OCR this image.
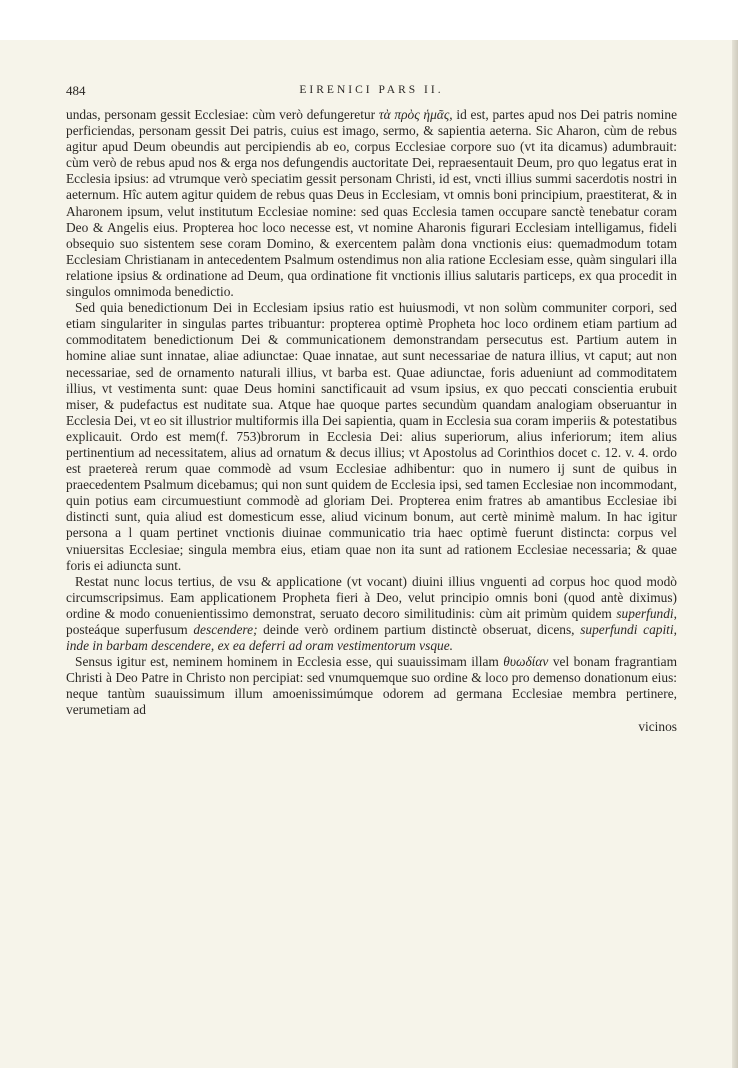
484	EIRENICI PARS II.

undas, personam gessit Ecclesiae: cùm verò defungeretur τὰ πρὸς ἡμᾶς, id est, partes apud nos Dei patris nomine perficiendas, personam gessit Dei patris, cuius est imago, sermo, & sapientia aeterna. Sic Aharon, cùm de rebus agitur apud Deum obeundis aut percipiendis ab eo, corpus Ecclesiae corpore suo (vt ita dicamus) adumbrauit: cùm verò de rebus apud nos & erga nos defungendis auctoritate Dei, repraesentauit Deum, pro quo legatus erat in Ecclesia ipsius: ad vtrumque verò speciatim gessit personam Christi, id est, vncti illius summi sacerdotis nostri in aeternum. Hîc autem agitur quidem de rebus quas Deus in Ecclesiam, vt omnis boni principium, praestiterat, & in Aharonem ipsum, velut institutum Ecclesiae nomine: sed quas Ecclesia tamen occupare sanctè tenebatur coram Deo & Angelis eius. Propterea hoc loco necesse est, vt nomine Aharonis figurari Ecclesiam intelligamus, fideli obsequio suo sistentem sese coram Domino, & exercentem palàm dona vnctionis eius: quemadmodum totam Ecclesiam Christianam in antecedentem Psalmum ostendimus non alia ratione Ecclesiam esse, quàm singulari illa relatione ipsius & ordinatione ad Deum, qua ordinatione fit vnctionis illius salutaris particeps, ex qua procedit in singulos omnimoda benedictio.

Sed quia benedictionum Dei in Ecclesiam ipsius ratio est huiusmodi, vt non solùm communiter corpori, sed etiam singulariter in singulas partes tribuantur: propterea optimè Propheta hoc loco ordinem etiam partium ad commoditatem benedictionum Dei & communicationem demonstrandam persecutus est. Partium autem in homine aliae sunt innatae, aliae adiunctae: Quae innatae, aut sunt necessariae de natura illius, vt caput; aut non necessariae, sed de ornamento naturali illius, vt barba est. Quae adiunctae, foris adueniunt ad commoditatem illius, vt vestimenta sunt: quae Deus homini sanctificauit ad vsum ipsius, ex quo peccati conscientia erubuit miser, & pudefactus est nuditate sua. Atque hae quoque partes secundùm quandam analogiam obseruantur in Ecclesia Dei, vt eo sit illustrior multiformis illa Dei sapientia, quam in Ecclesia sua coram imperiis & potestatibus explicauit. Ordo est mem(f. 753)brorum in Ecclesia Dei: alius superiorum, alius inferiorum; item alius pertinentium ad necessitatem, alius ad ornatum & decus illius; vt Apostolus ad Corinthios docet c. 12. v. 4. ordo est praetereà rerum quae commodè ad vsum Ecclesiae adhibentur: quo in numero ij sunt de quibus in praecedentem Psalmum dicebamus; qui non sunt quidem de Ecclesia ipsi, sed tamen Ecclesiae non incommodant, quin potius eam circumuestiunt commodè ad gloriam Dei. Propterea enim fratres ab amantibus Ecclesiae ibi distincti sunt, quia aliud est domesticum esse, aliud vicinum bonum, aut certè minimè malum. In hac igitur persona a l quam pertinet vnctionis diuinae communicatio tria haec optimè fuerunt distincta: corpus vel vniuersitas Ecclesiae; singula membra eius, etiam quae non ita sunt ad rationem Ecclesiae necessaria; & quae foris ei adiuncta sunt.

Restat nunc locus tertius, de vsu & applicatione (vt vocant) diuini illius vnguenti ad corpus hoc quod modò circumscripsimus. Eam applicationem Propheta fieri à Deo, velut principio omnis boni (quod antè diximus) ordine & modo conuenientissimo demonstrat, seruato decoro similitudinis: cùm ait primùm quidem superfundi, posteáque superfusum descendere; deinde verò ordinem partium distinctè obseruat, dicens, superfundi capiti, inde in barbam descendere, ex ea deferri ad oram vestimentorum vsque.

Sensus igitur est, neminem hominem in Ecclesia esse, qui suauissimam illam θυωδίαν vel bonam fragrantiam Christi à Deo Patre in Christo non percipiat: sed vnumquemque suo ordine & loco pro demenso donationum eius: neque tantùm suauissimum illum amoenissimúmque odorem ad germana Ecclesiae membra pertinere, verumetiam ad

vicinos
